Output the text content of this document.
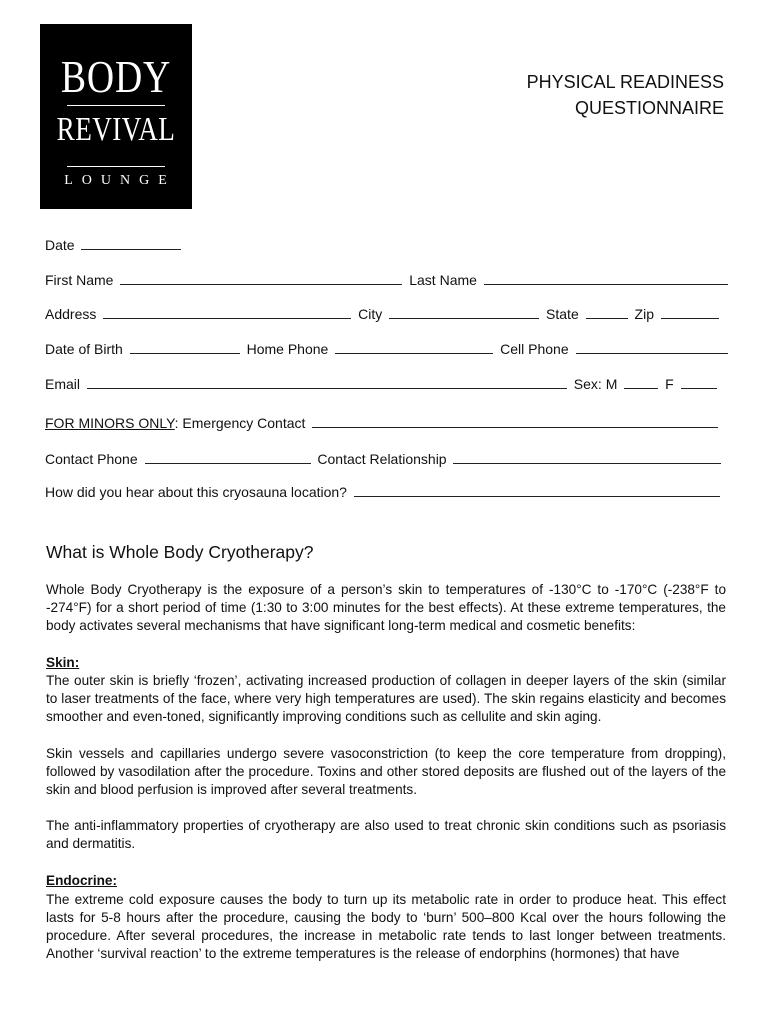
BODY
REVIVAL
LOUNGE
PHYSICAL READINESS
QUESTIONNAIRE
Date
First Name	Last Name
Address	City	State	Zip
Date of Birth	Home Phone	Cell Phone
Email	Sex: M	F
FOR MINORS ONLY: Emergency Contact
Contact Phone	Contact Relationship
How did you hear about this cryosauna location?
What is Whole Body Cryotherapy?

Whole Body Cryotherapy is the exposure of a person’s skin to temperatures of -130°C to -170°C (-238°F to -274°F) for a short period of time (1:30 to 3:00 minutes for the best effects). At these extreme temperatures, the body activates several mechanisms that have significant long-term medical and cosmetic benefits:

Skin:

The outer skin is briefly ‘frozen’, activating increased production of collagen in deeper layers of the skin (similar to laser treatments of the face, where very high temperatures are used). The skin regains elasticity and becomes smoother and even-toned, significantly improving conditions such as cellulite and skin aging.

Skin vessels and capillaries undergo severe vasoconstriction (to keep the core temperature from dropping), followed by vasodilation after the procedure. Toxins and other stored deposits are flushed out of the layers of the skin and blood perfusion is improved after several treatments.

The anti-inflammatory properties of cryotherapy are also used to treat chronic skin conditions such as psoriasis and dermatitis.

Endocrine:

The extreme cold exposure causes the body to turn up its metabolic rate in order to produce heat. This effect lasts for 5-8 hours after the procedure, causing the body to ‘burn’ 500–800 Kcal over the hours following the procedure. After several procedures, the increase in metabolic rate tends to last longer between treatments. Another ‘survival reaction’ to the extreme temperatures is the release of endorphins (hormones) that have
